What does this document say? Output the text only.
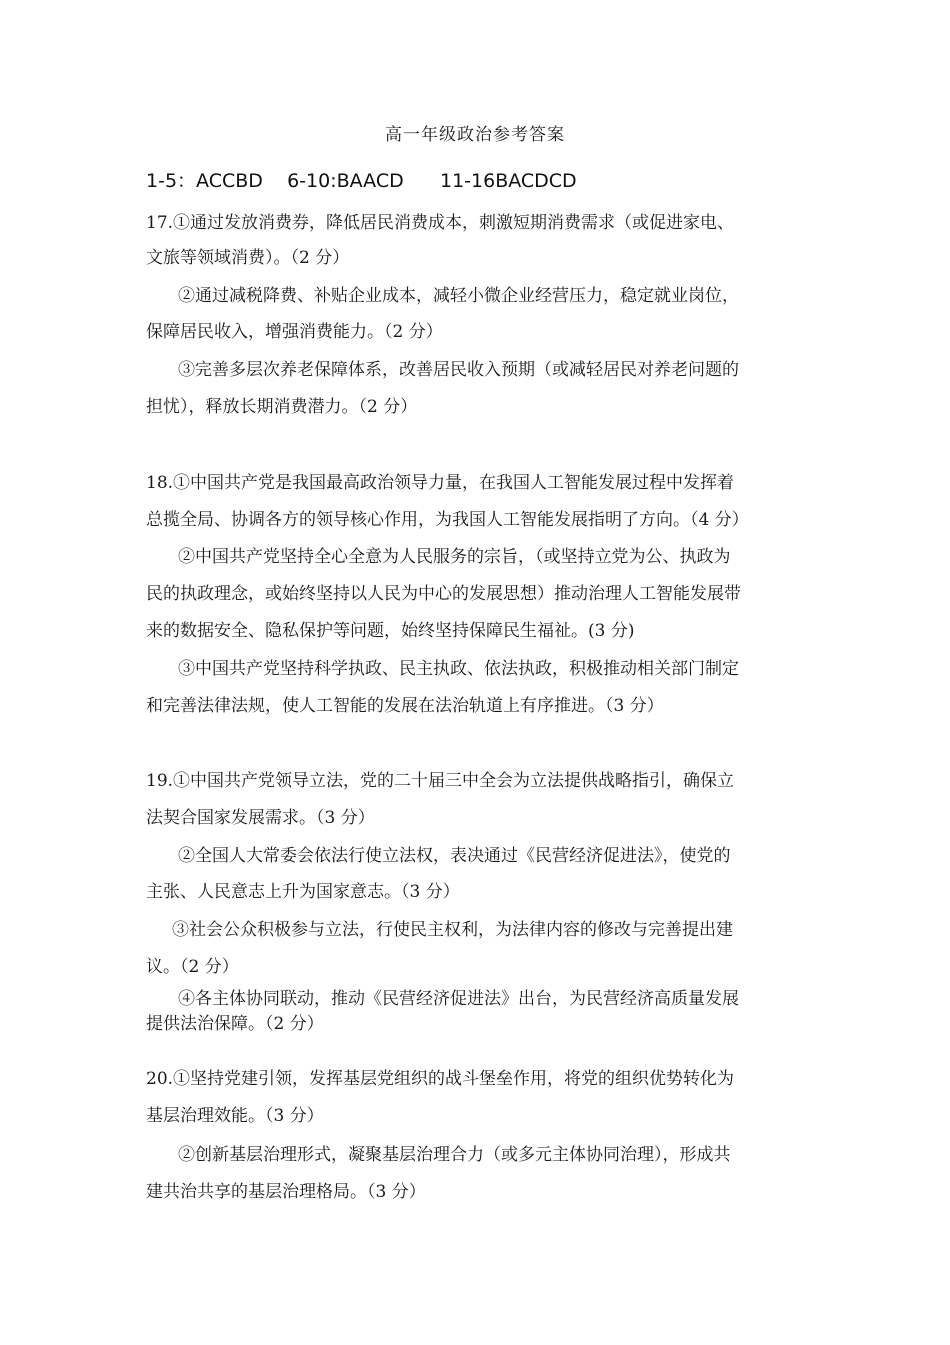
高一年级政治参考答案
1-5：ACCBD 6-10:BAACD 11-16BACDCD
17.①通过发放消费券，降低居民消费成本，刺激短期消费需求（或促进家电、
文旅等领域消费）。（2 分）
②通过减税降费、补贴企业成本，减轻小微企业经营压力，稳定就业岗位，
保障居民收入，增强消费能力。（2 分）
③完善多层次养老保障体系，改善居民收入预期（或减轻居民对养老问题的
担忧），释放长期消费潜力。（2 分）
18.①中国共产党是我国最高政治领导力量，在我国人工智能发展过程中发挥着
总揽全局、协调各方的领导核心作用，为我国人工智能发展指明了方向。（4 分）
②中国共产党坚持全心全意为人民服务的宗旨，（或坚持立党为公、执政为
民的执政理念，或始终坚持以人民为中心的发展思想）推动治理人工智能发展带
来的数据安全、隐私保护等问题，始终坚持保障民生福祉。(3 分)
③中国共产党坚持科学执政、民主执政、依法执政，积极推动相关部门制定
和完善法律法规，使人工智能的发展在法治轨道上有序推进。（3 分）
19.①中国共产党领导立法，党的二十届三中全会为立法提供战略指引，确保立
法契合国家发展需求。（3 分）
②全国人大常委会依法行使立法权，表决通过《民营经济促进法》，使党的
主张、人民意志上升为国家意志。（3 分）
③社会公众积极参与立法，行使民主权利，为法律内容的修改与完善提出建
议。（2 分）
④各主体协同联动，推动《民营经济促进法》出台，为民营经济高质量发展
提供法治保障。（2 分）
20.①坚持党建引领，发挥基层党组织的战斗堡垒作用，将党的组织优势转化为
基层治理效能。（3 分）
②创新基层治理形式，凝聚基层治理合力（或多元主体协同治理），形成共
建共治共享的基层治理格局。（3 分）
